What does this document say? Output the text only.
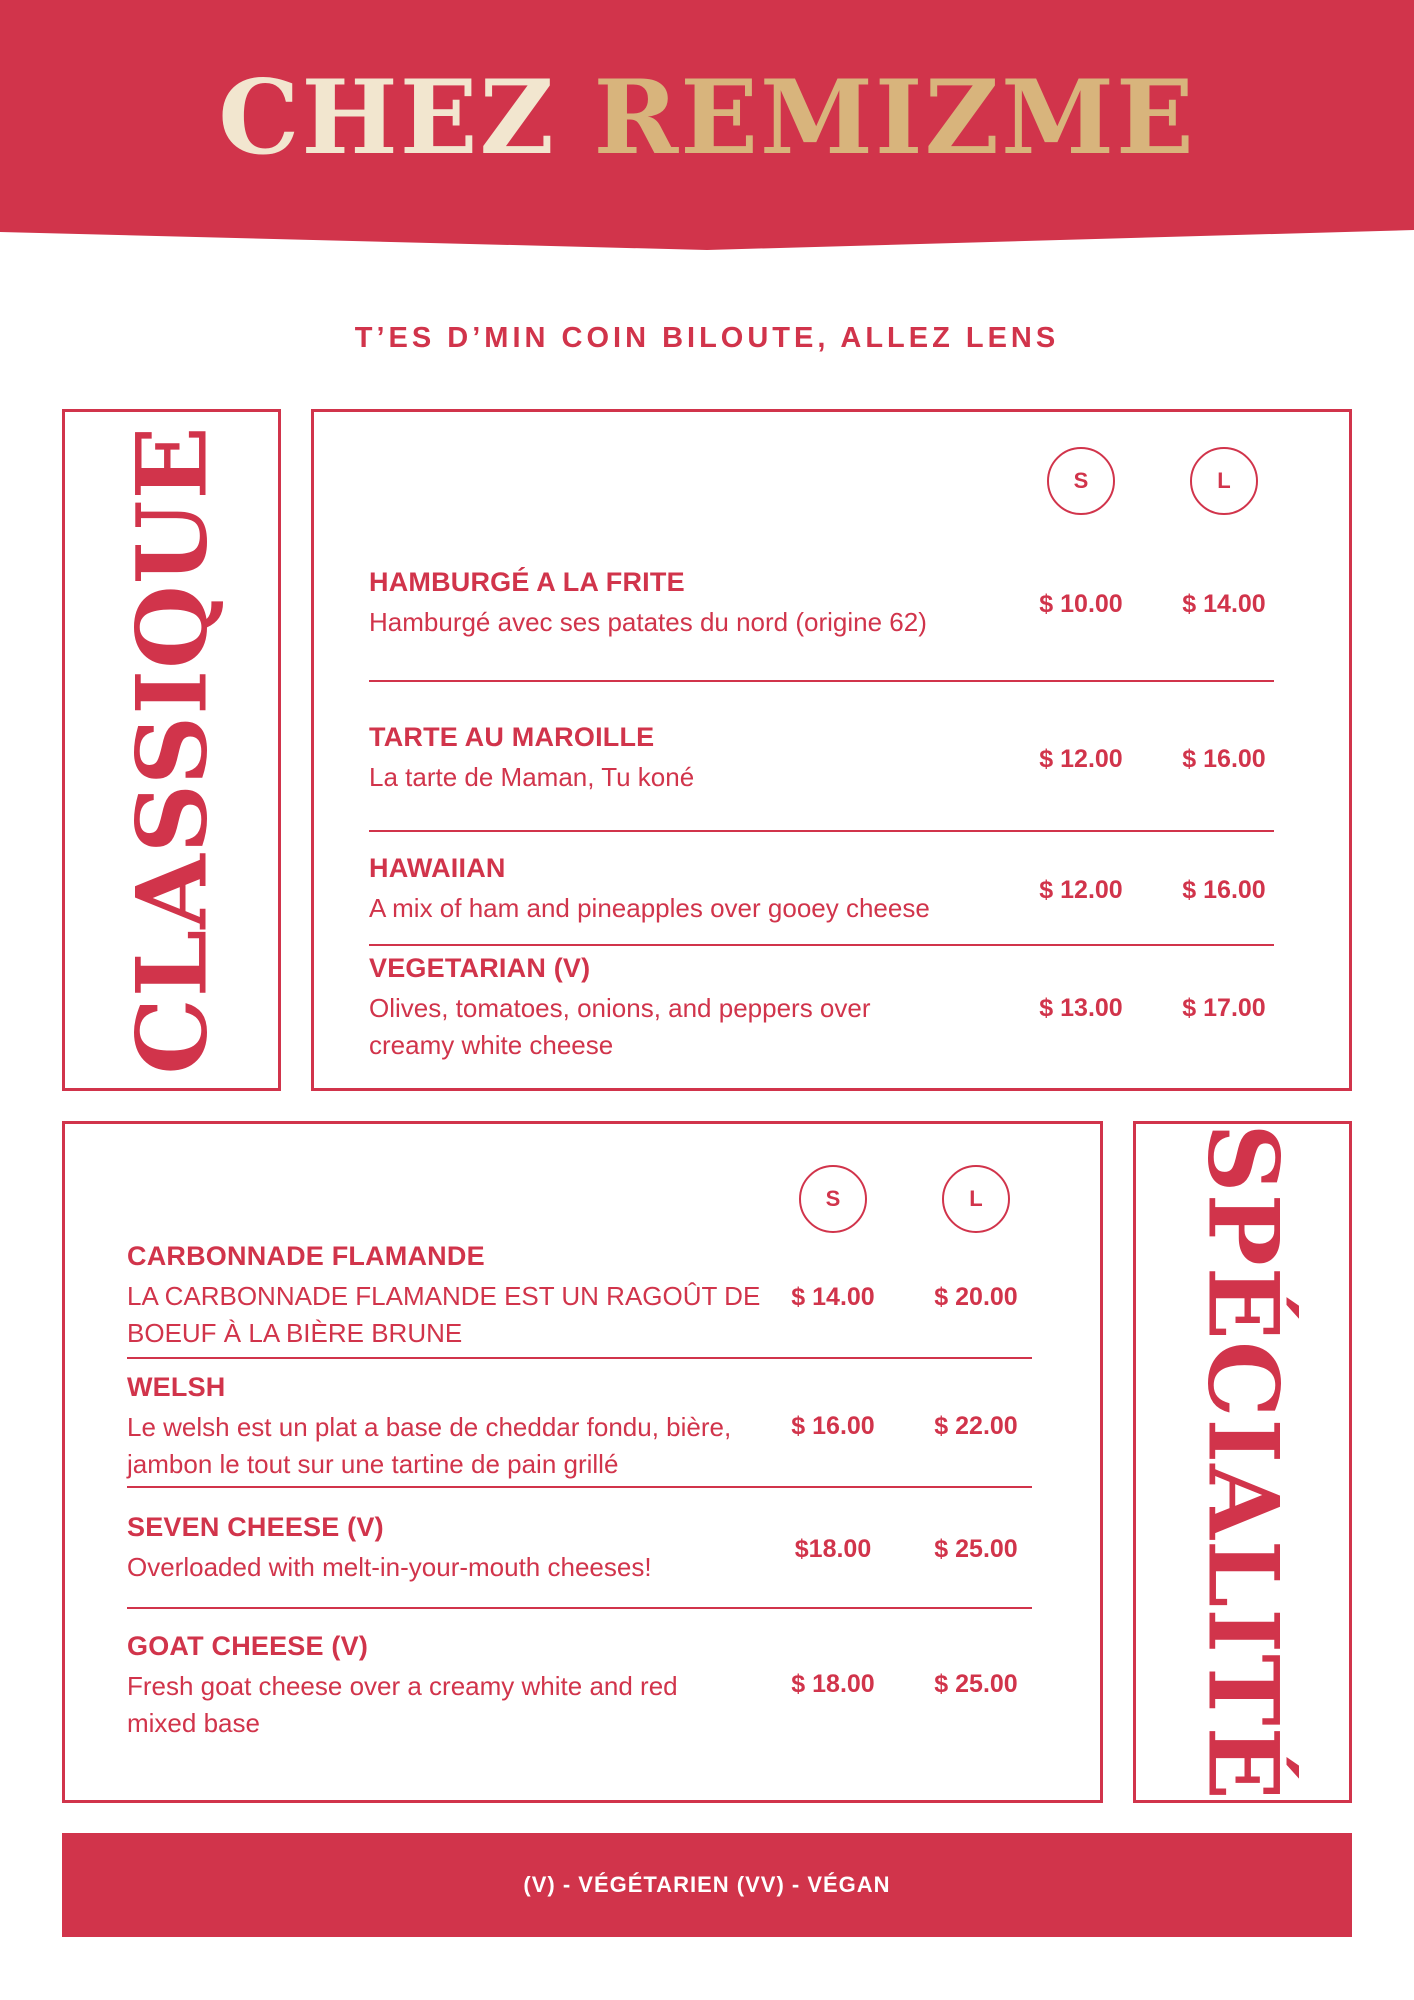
CHEZ REMIZME
T’ES D’MIN COIN BILOUTE, ALLEZ LENS
CLASSIQUE	S	L
HAMBURGÉ A LA FRITE
Hamburgé avec ses patates du nord (origine 62)
$ 10.00	$ 14.00
TARTE AU MAROILLE
La tarte de Maman, Tu koné
$ 12.00	$ 16.00
HAWAIIAN
A mix of ham and pineapples over gooey cheese
$ 12.00	$ 16.00
VEGETARIAN (V)
Olives, tomatoes, onions, and peppers over creamy white cheese
$ 13.00	$ 17.00
S	L
CARBONNADE FLAMANDE
LA CARBONNADE FLAMANDE EST UN RAGOÛT DE BOEUF À LA BIÈRE BRUNE
$ 14.00	$ 20.00
WELSH
Le welsh est un plat a base de cheddar fondu, bière, jambon le tout sur une tartine de pain grillé
$ 16.00	$ 22.00
SEVEN CHEESE (V)
Overloaded with melt-in-your-mouth cheeses!
$18.00	$ 25.00
GOAT CHEESE (V)
Fresh goat cheese over a creamy white and red mixed base
$ 18.00	$ 25.00 SPÉCIALITÉ
(V) - VÉGÉTARIEN (VV) - VÉGAN
